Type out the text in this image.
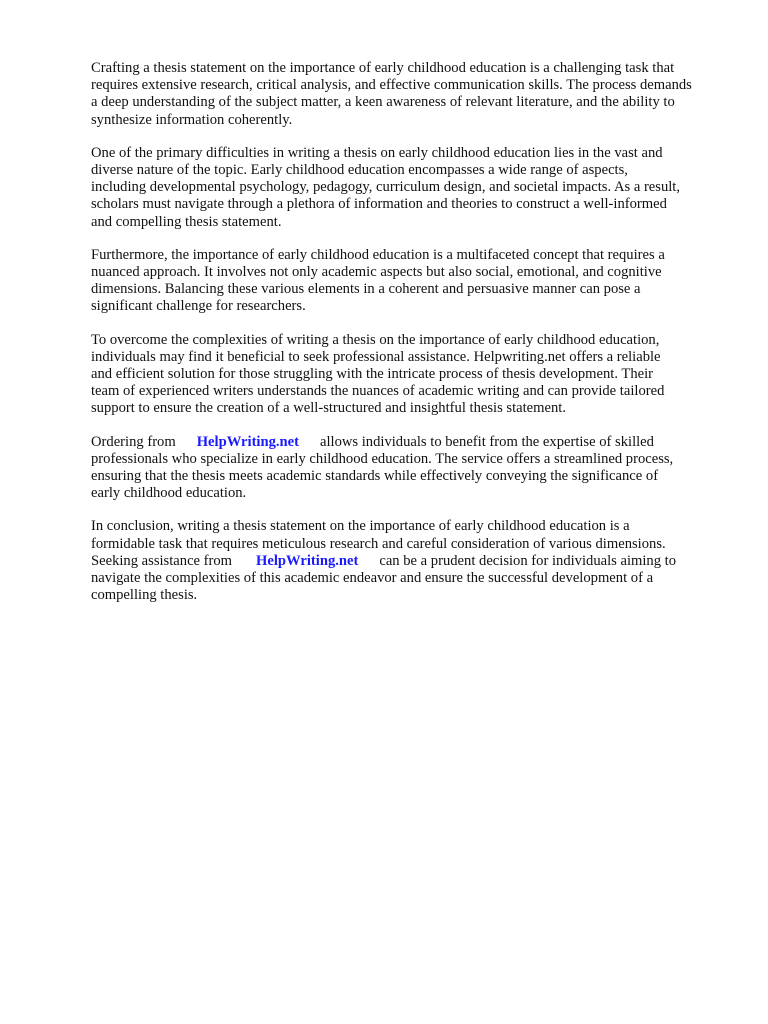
Crafting a thesis statement on the importance of early childhood education is a challenging task that
requires extensive research, critical analysis, and effective communication skills. The process demands
a deep understanding of the subject matter, a keen awareness of relevant literature, and the ability to
synthesize information coherently.

One of the primary difficulties in writing a thesis on early childhood education lies in the vast and
diverse nature of the topic. Early childhood education encompasses a wide range of aspects,
including developmental psychology, pedagogy, curriculum design, and societal impacts. As a result,
scholars must navigate through a plethora of information and theories to construct a well-informed
and compelling thesis statement.

Furthermore, the importance of early childhood education is a multifaceted concept that requires a
nuanced approach. It involves not only academic aspects but also social, emotional, and cognitive
dimensions. Balancing these various elements in a coherent and persuasive manner can pose a
significant challenge for researchers.

To overcome the complexities of writing a thesis on the importance of early childhood education,
individuals may find it beneficial to seek professional assistance. Helpwriting.net offers a reliable
and efficient solution for those struggling with the intricate process of thesis development. Their
team of experienced writers understands the nuances of academic writing and can provide tailored
support to ensure the creation of a well-structured and insightful thesis statement.

Ordering from HelpWriting.net allows individuals to benefit from the expertise of skilled
professionals who specialize in early childhood education. The service offers a streamlined process,
ensuring that the thesis meets academic standards while effectively conveying the significance of
early childhood education.

In conclusion, writing a thesis statement on the importance of early childhood education is a
formidable task that requires meticulous research and careful consideration of various dimensions.
Seeking assistance from HelpWriting.net can be a prudent decision for individuals aiming to
navigate the complexities of this academic endeavor and ensure the successful development of a
compelling thesis.
